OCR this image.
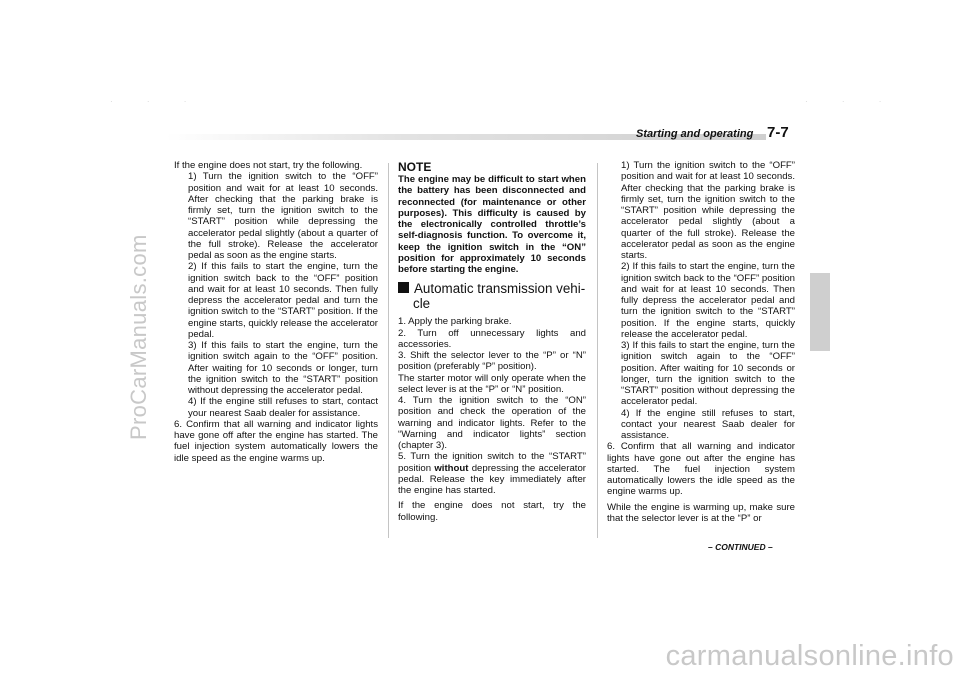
· · ·	· · ·
ProCarManuals.com
carmanualsonline.info
Starting and operating 7-7

If the engine does not start, try the following.

1) Turn the ignition switch to the “OFF” position and wait for at least 10 seconds. After checking that the parking brake is firmly set, turn the ignition switch to the “START” position while depressing the accelerator pedal slightly (about a quarter of the full stroke). Release the accelerator pedal as soon as the engine starts.

2) If this fails to start the engine, turn the ignition switch back to the “OFF” position and wait for at least 10 seconds. Then fully depress the accelerator pedal and turn the ignition switch to the “START” position. If the engine starts, quickly release the accelerator pedal.

3) If this fails to start the engine, turn the ignition switch again to the “OFF” position. After waiting for 10 seconds or longer, turn the ignition switch to the “START” position without depressing the accelerator pedal.

4) If the engine still refuses to start, contact your nearest Saab dealer for assistance.

6. Confirm that all warning and indicator lights have gone off after the engine has started. The fuel injection system automatically lowers the idle speed as the engine warms up.

NOTE

The engine may be difficult to start when the battery has been disconnected and reconnected (for maintenance or other purposes). This difficulty is caused by the electronically controlled throttle’s self-diagnosis function. To overcome it, keep the ignition switch in the “ON” position for approximately 10 seconds before starting the engine.

Automatic transmission vehi-
cle

1. Apply the parking brake.

2. Turn off unnecessary lights and accessories.

3. Shift the selector lever to the “P” or “N” position (preferably “P” position).

The starter motor will only operate when the select lever is at the “P” or “N” position.

4. Turn the ignition switch to the “ON” position and check the operation of the warning and indicator lights. Refer to the “Warning and indicator lights” section (chapter 3).

5. Turn the ignition switch to the “START” position without depressing the accelerator pedal. Release the key immediately after the engine has started.

If the engine does not start, try the following.

1) Turn the ignition switch to the “OFF” position and wait for at least 10 seconds. After checking that the parking brake is firmly set, turn the ignition switch to the “START” position while depressing the accelerator pedal slightly (about a quarter of the full stroke). Release the accelerator pedal as soon as the engine starts.

2) If this fails to start the engine, turn the ignition switch back to the “OFF” position and wait for at least 10 seconds. Then fully depress the accelerator pedal and turn the ignition switch to the “START” position. If the engine starts, quickly release the accelerator pedal.

3) If this fails to start the engine, turn the ignition switch again to the “OFF” position. After waiting for 10 seconds or longer, turn the ignition switch to the “START” position without depressing the accelerator pedal.

4) If the engine still refuses to start, contact your nearest Saab dealer for assistance.

6. Confirm that all warning and indicator lights have gone out after the engine has started. The fuel injection system automatically lowers the idle speed as the engine warms up.

While the engine is warming up, make sure that the selector lever is at the “P” or

– CONTINUED –
